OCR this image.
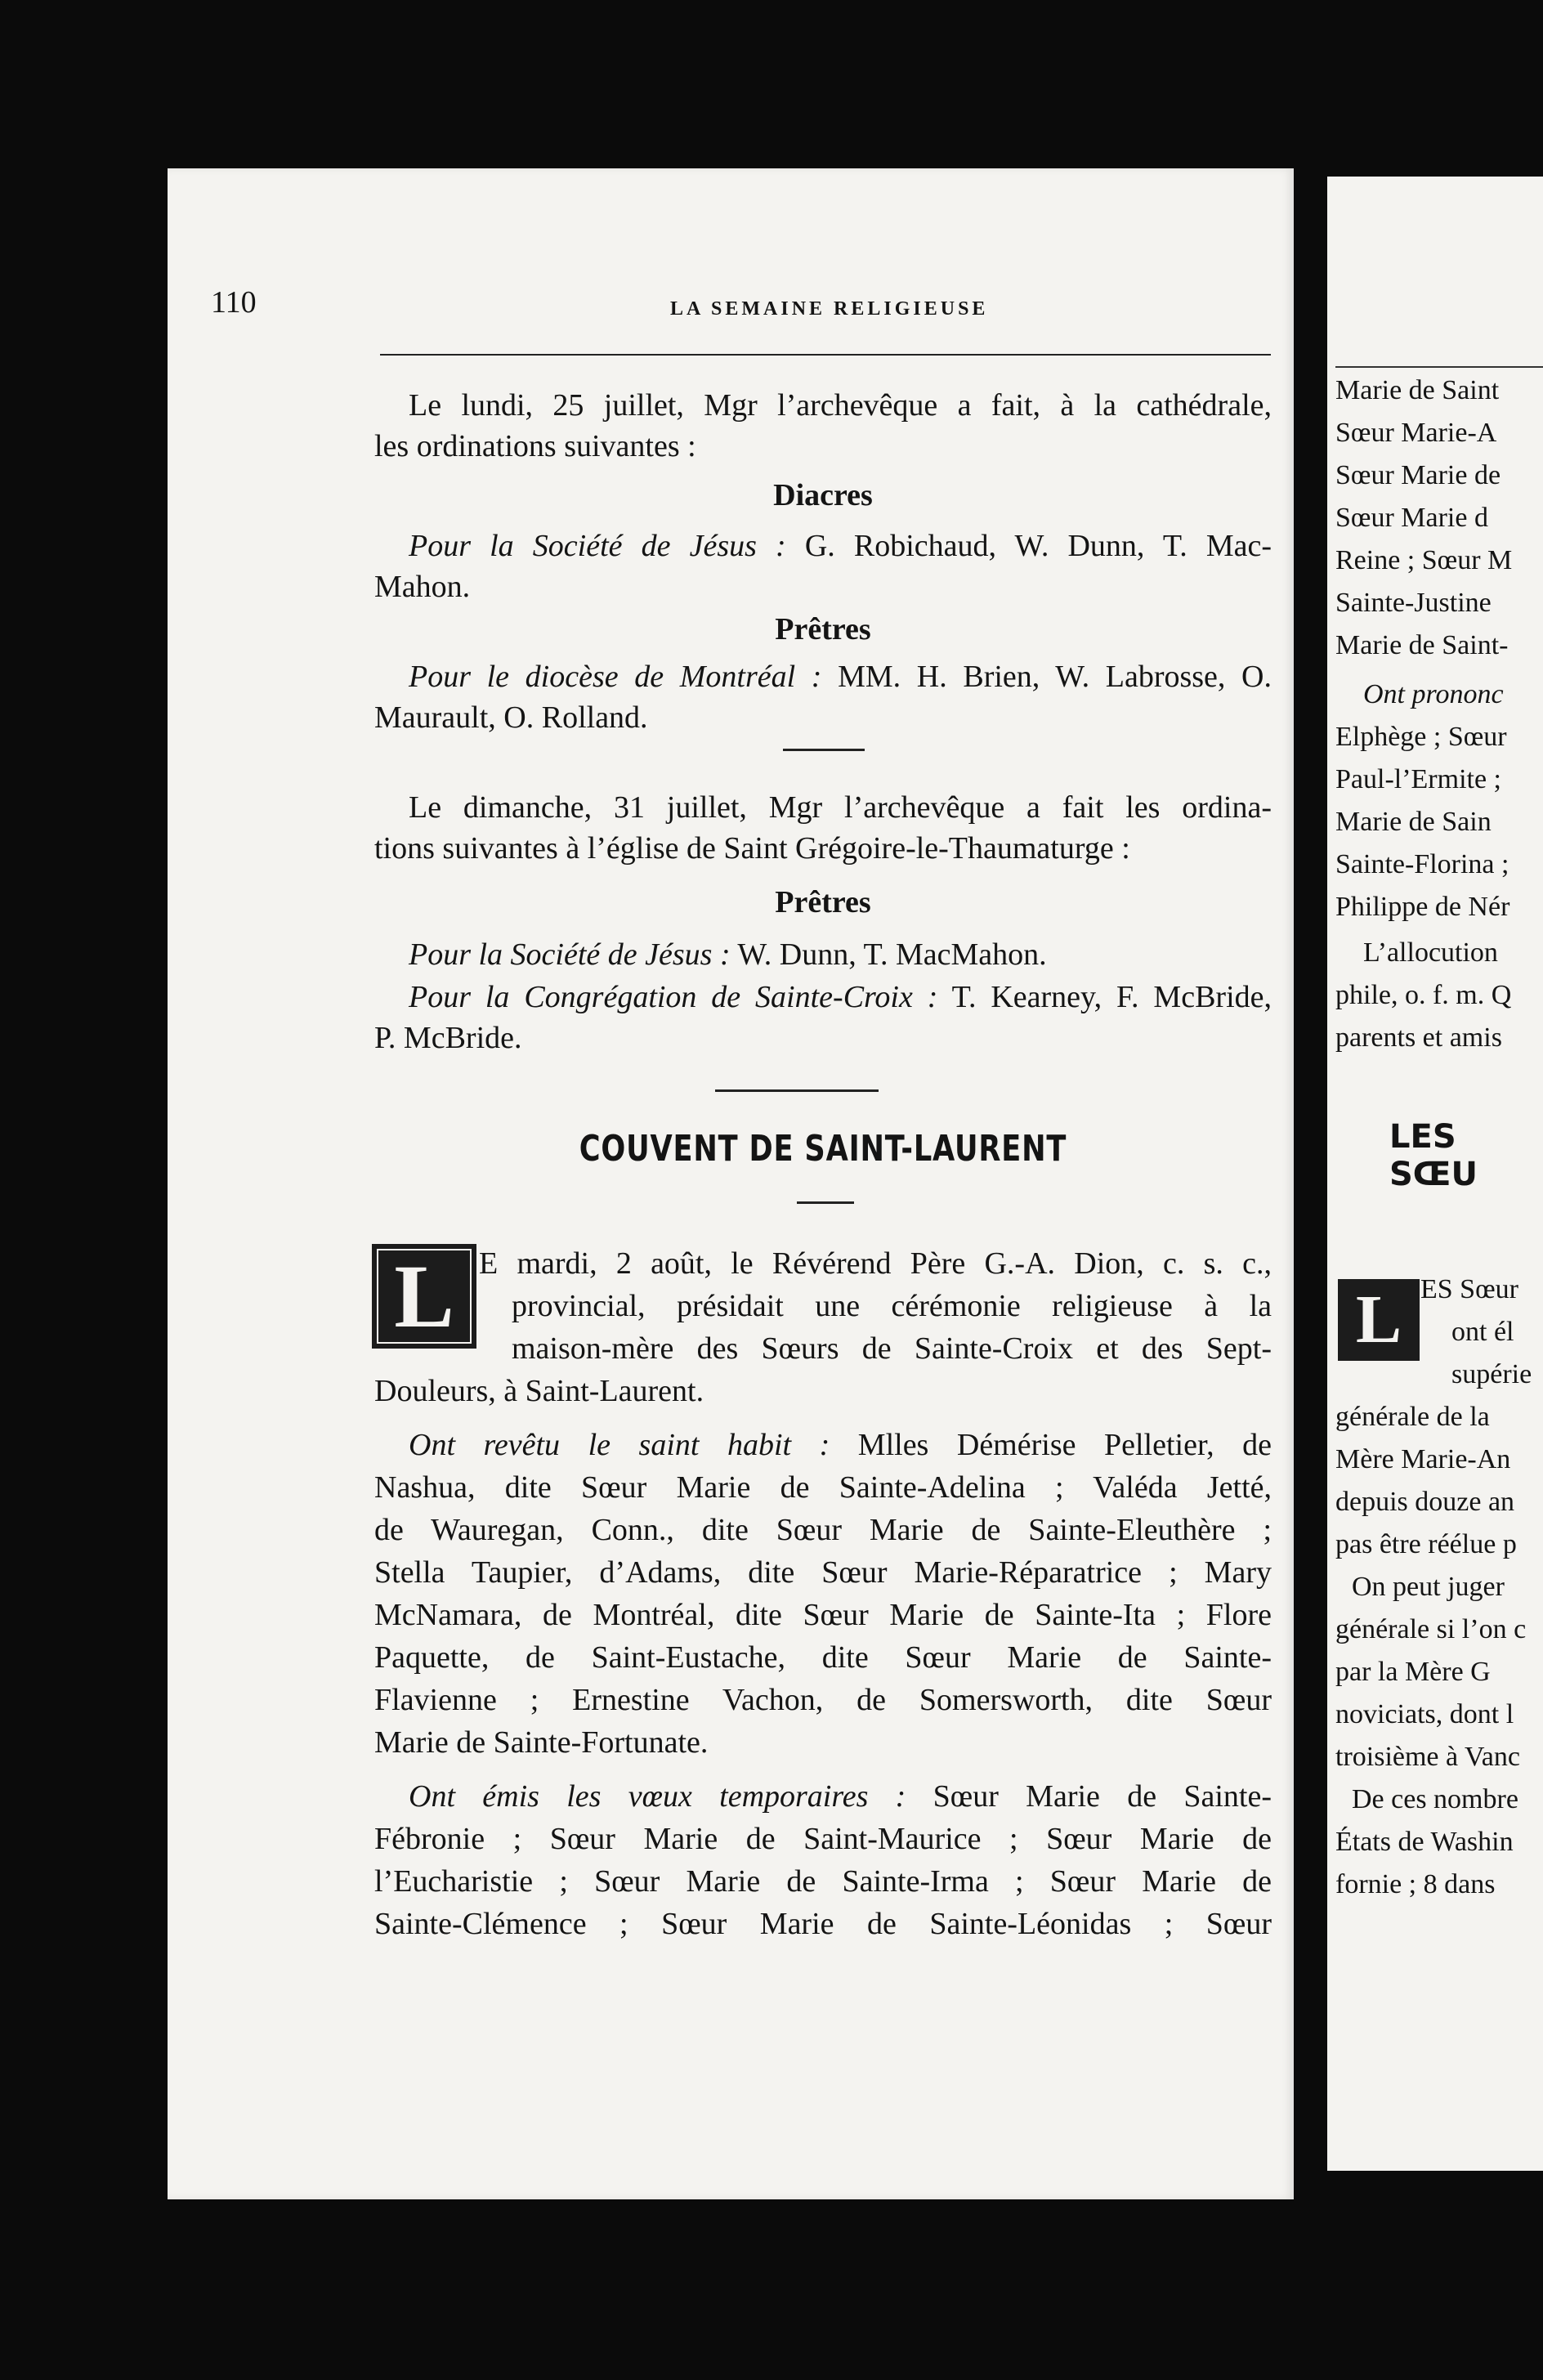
110	LA SEMAINE RELIGIEUSE
Le lundi, 25 juillet, Mgr l’archevêque a fait, à la cathédrale,
les ordinations suivantes :
Diacres
Pour la Société de Jésus : G. Robichaud, W. Dunn, T. Mac-
Mahon.
Prêtres
Pour le diocèse de Montréal : MM. H. Brien, W. Labrosse, O.
Maurault, O. Rolland.
Le dimanche, 31 juillet, Mgr l’archevêque a fait les ordina-
tions suivantes à l’église de Saint Grégoire-le-Thaumaturge :
Prêtres
Pour la Société de Jésus : W. Dunn, T. MacMahon.
Pour la Congrégation de Sainte-Croix : T. Kearney, F. McBride,
P. McBride.
COUVENT DE SAINT-LAURENT
L E mardi, 2 août, le Révérend Père G.-A. Dion, c. s. c.,
provincial, présidait une cérémonie religieuse à la
maison-mère des Sœurs de Sainte-Croix et des Sept-
Douleurs, à Saint-Laurent.
Ont revêtu le saint habit : Mlles Démérise Pelletier, de
Nashua, dite Sœur Marie de Sainte-Adelina ; Valéda Jetté,
de Wauregan, Conn., dite Sœur Marie de Sainte-Eleuthère ;
Stella Taupier, d’Adams, dite Sœur Marie-Réparatrice ; Mary
McNamara, de Montréal, dite Sœur Marie de Sainte-Ita ; Flore
Paquette, de Saint-Eustache, dite Sœur Marie de Sainte-
Flavienne ; Ernestine Vachon, de Somersworth, dite Sœur
Marie de Sainte-Fortunate.
Ont émis les vœux temporaires : Sœur Marie de Sainte-
Fébronie ; Sœur Marie de Saint-Maurice ; Sœur Marie de
l’Eucharistie ; Sœur Marie de Sainte-Irma ; Sœur Marie de
Sainte-Clémence ; Sœur Marie de Sainte-Léonidas ; Sœur
Marie de Saint
Sœur Marie-A
Sœur Marie de
Sœur Marie d
Reine ; Sœur M
Sainte-Justine
Marie de Saint-
Ont prononc
Elphège ; Sœur
Paul-l’Ermite ;
Marie de Sain
Sainte-Florina ;
Philippe de Nér
L’allocution
phile, o. f. m. Q
parents et amis
LES SŒU
L ES Sœur
ont él
supérie
générale de la
Mère Marie-An
depuis douze an
pas être réélue p
On peut juger
générale si l’on c
par la Mère G
noviciats, dont l
troisième à Vanc
De ces nombre
États de Washin
fornie ; 8 dans
